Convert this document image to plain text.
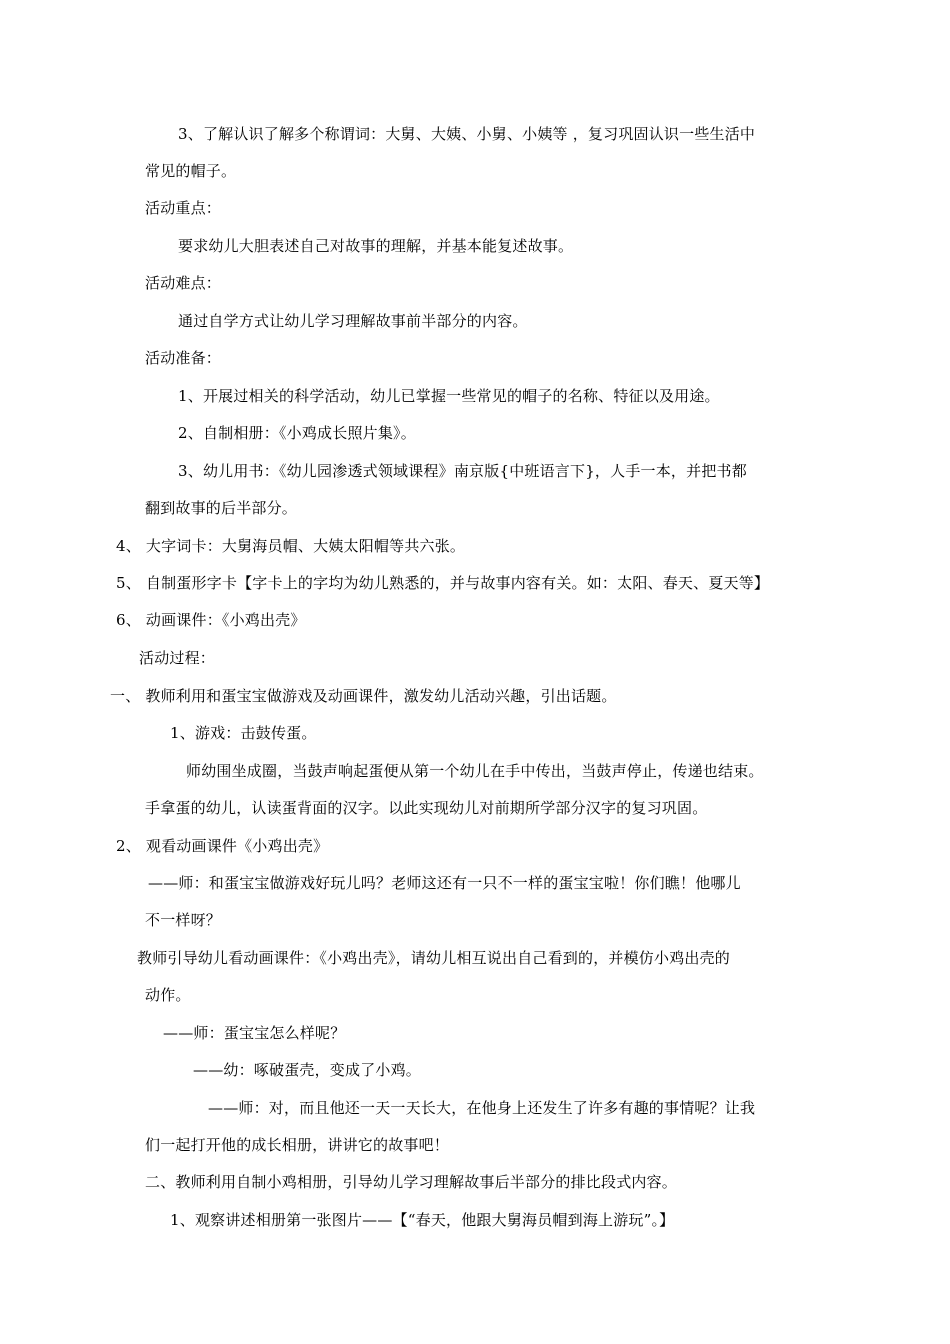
3、了解认识了解多个称谓词：大舅、大姨、小舅、小姨等 ，复习巩固认识一些生活中
常见的帽子。
活动重点：
要求幼儿大胆表述自己对故事的理解，并基本能复述故事。
活动难点：
通过自学方式让幼儿学习理解故事前半部分的内容。
活动准备：
1、开展过相关的科学活动，幼儿已掌握一些常见的帽子的名称、特征以及用途。
2、自制相册：《小鸡成长照片集》。
3、幼儿用书：《幼儿园渗透式领域课程》南京版{中班语言下}，人手一本，并把书都
翻到故事的后半部分。
4、 大字词卡：大舅海员帽、大姨太阳帽等共六张。
5、 自制蛋形字卡【字卡上的字均为幼儿熟悉的，并与故事内容有关。如：太阳、春天、夏天等】
6、 动画课件：《小鸡出壳》
活动过程：
一、 教师利用和蛋宝宝做游戏及动画课件，激发幼儿活动兴趣，引出话题。
1、游戏：击鼓传蛋。
师幼围坐成圈，当鼓声响起蛋便从第一个幼儿在手中传出，当鼓声停止，传递也结束。
手拿蛋的幼儿，认读蛋背面的汉字。以此实现幼儿对前期所学部分汉字的复习巩固。
2、 观看动画课件《小鸡出壳》
——师：和蛋宝宝做游戏好玩儿吗？老师这还有一只不一样的蛋宝宝啦！你们瞧！他哪儿
不一样呀？
教师引导幼儿看动画课件：《小鸡出壳》，请幼儿相互说出自己看到的，并模仿小鸡出壳的
动作。
——师：蛋宝宝怎么样呢？
——幼：啄破蛋壳，变成了小鸡。
——师：对，而且他还一天一天长大，在他身上还发生了许多有趣的事情呢？让我
们一起打开他的成长相册，讲讲它的故事吧！
二、教师利用自制小鸡相册，引导幼儿学习理解故事后半部分的排比段式内容。
1、观察讲述相册第一张图片——【“春天，他跟大舅海员帽到海上游玩”。】
